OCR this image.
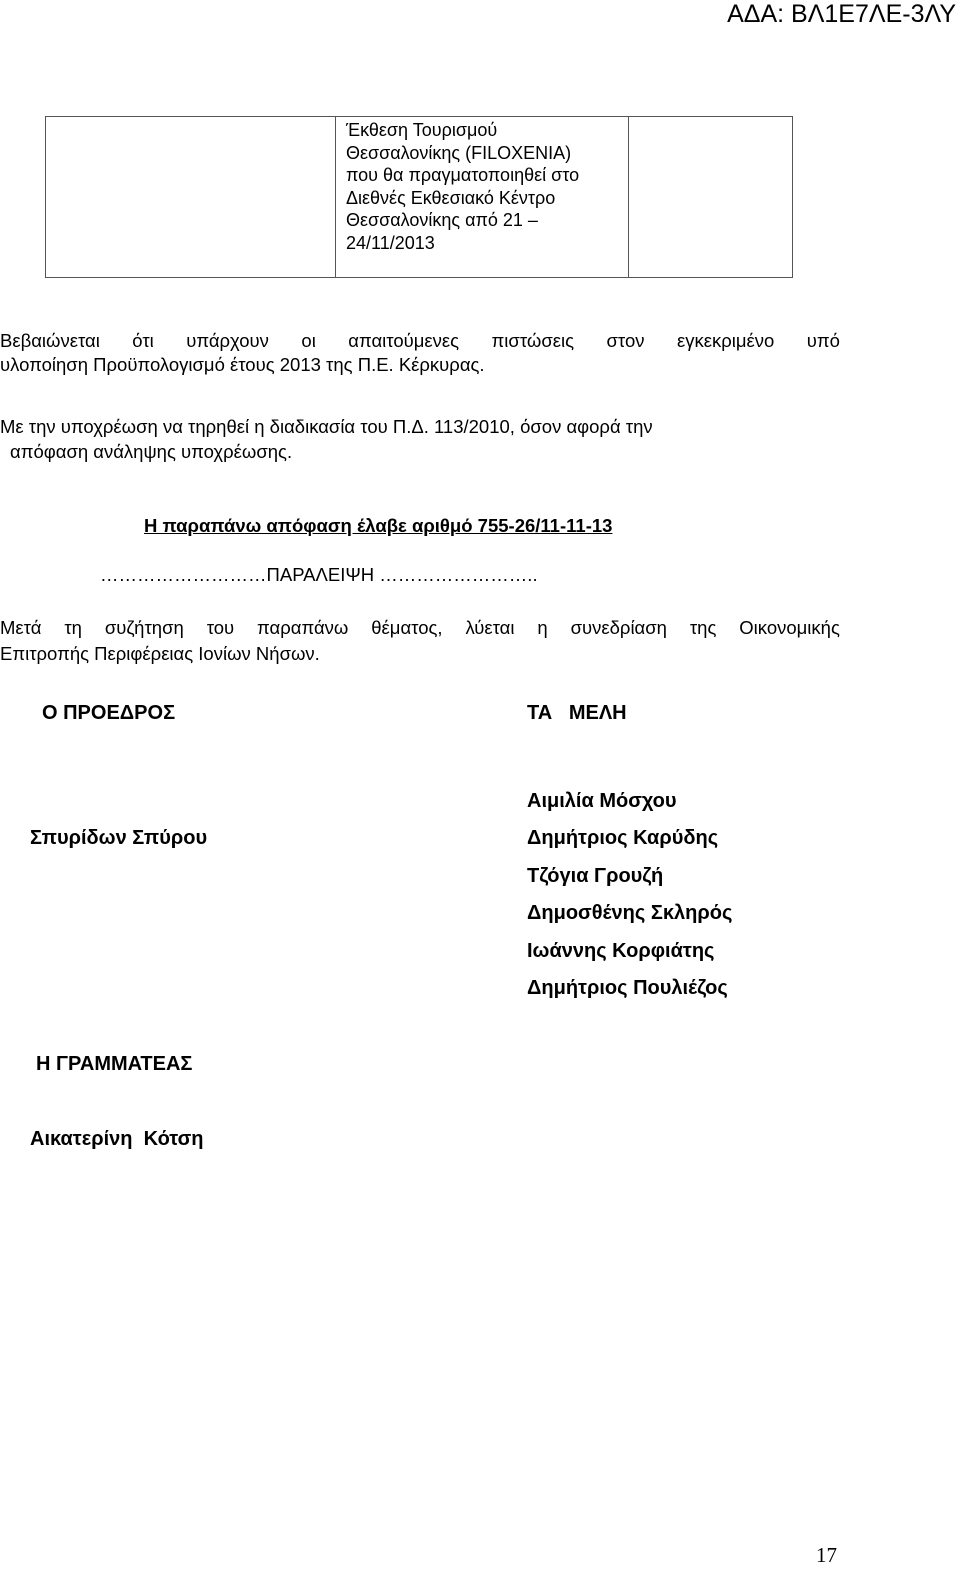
ΑΔΑ: ΒΛ1Ε7ΛΕ-3ΛΥ
Έκθεση Τουρισμού
Θεσσαλονίκης (FILOXENIA)
που θα πραγματοποιηθεί στο
Διεθνές Εκθεσιακό Κέντρο
Θεσσαλονίκης από 21 –
24/11/2013
Βεβαιώνεται ότι υπάρχουν οι απαιτούμενες πιστώσεις στον εγκεκριμένο υπό
υλοποίηση Προϋπολογισμό έτους 2013 της Π.Ε. Κέρκυρας.
Με την υποχρέωση να τηρηθεί η διαδικασία του Π.Δ. 113/2010, όσον αφορά την
απόφαση ανάληψης υποχρέωσης.
Η παραπάνω απόφαση έλαβε αριθμό 755-26/11-11-13
………………………ΠΑΡΑΛΕΙΨΗ ……………………..
Μετά τη συζήτηση του παραπάνω θέματος, λύεται η συνεδρίαση της Οικονομικής
Επιτροπής Περιφέρειας Ιονίων Νήσων.
Ο ΠΡΟΕΔΡΟΣ	ΤΑ   ΜΕΛΗ
Σπυρίδων Σπύρου
Αιμιλία Μόσχου
Δημήτριος Καρύδης
Τζόγια Γρουζή
Δημοσθένης Σκληρός
Ιωάννης Κορφιάτης
Δημήτριος Πουλιέζος
Η ΓΡΑΜΜΑΤΕΑΣ
Αικατερίνη  Κότση
17
